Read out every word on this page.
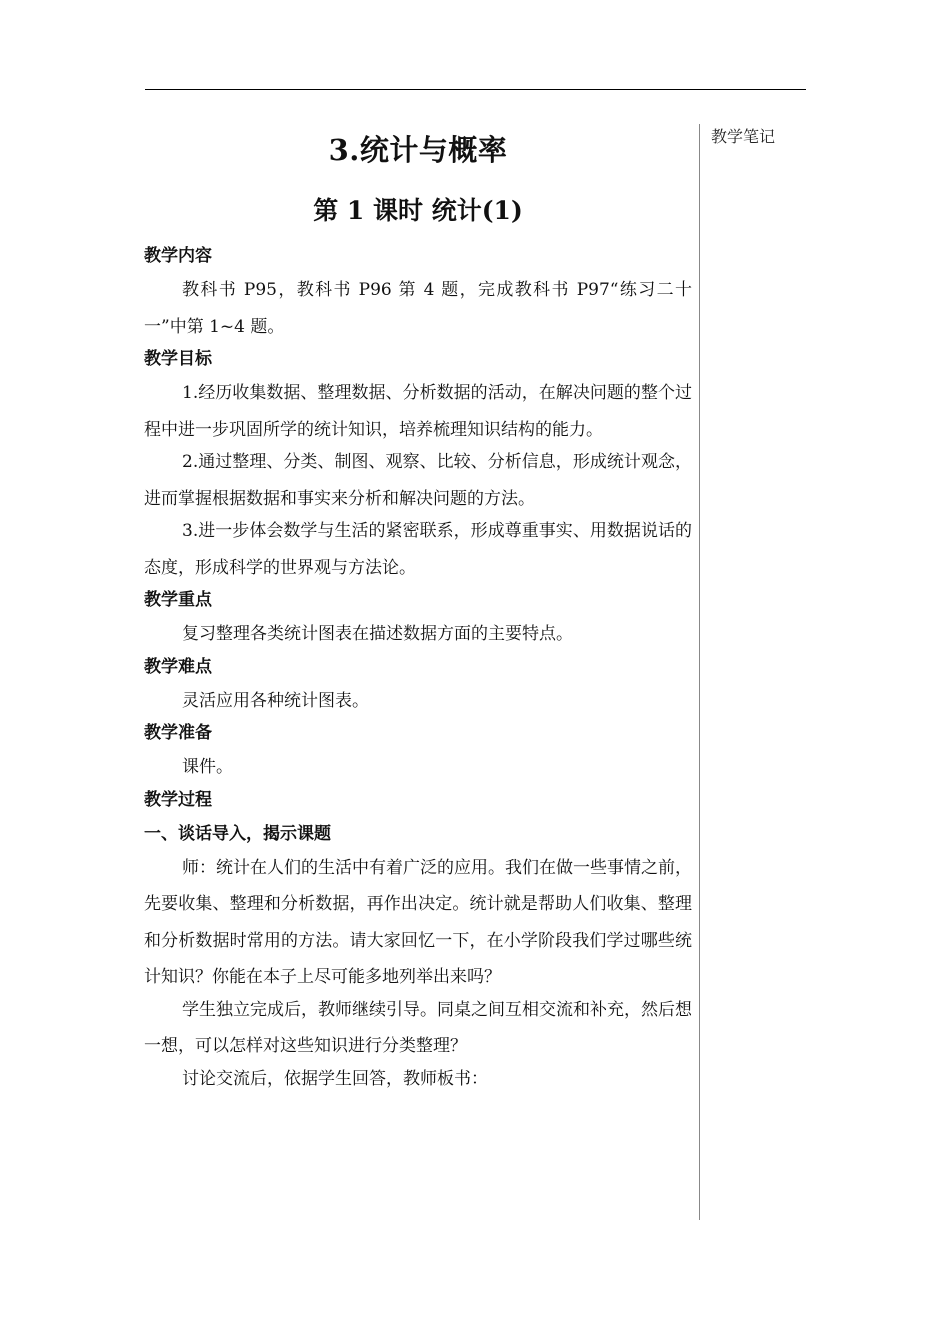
教学笔记
3.统计与概率
第 1 课时 统计(1)
教学内容

教科书 P95，教科书 P96 第 4 题，完成教科书 P97“练习二十一”中第 1~4 题。

教学目标

1.经历收集数据、整理数据、分析数据的活动，在解决问题的整个过程中进一步巩固所学的统计知识，培养梳理知识结构的能力。

2.通过整理、分类、制图、观察、比较、分析信息，形成统计观念，进而掌握根据数据和事实来分析和解决问题的方法。

3.进一步体会数学与生活的紧密联系，形成尊重事实、用数据说话的态度，形成科学的世界观与方法论。

教学重点

复习整理各类统计图表在描述数据方面的主要特点。

教学难点

灵活应用各种统计图表。

教学准备

课件。

教学过程
一、谈话导入，揭示课题

师：统计在人们的生活中有着广泛的应用。我们在做一些事情之前，先要收集、整理和分析数据，再作出决定。统计就是帮助人们收集、整理和分析数据时常用的方法。请大家回忆一下，在小学阶段我们学过哪些统计知识？你能在本子上尽可能多地列举出来吗？

学生独立完成后，教师继续引导。同桌之间互相交流和补充，然后想一想，可以怎样对这些知识进行分类整理？

讨论交流后，依据学生回答，教师板书：
